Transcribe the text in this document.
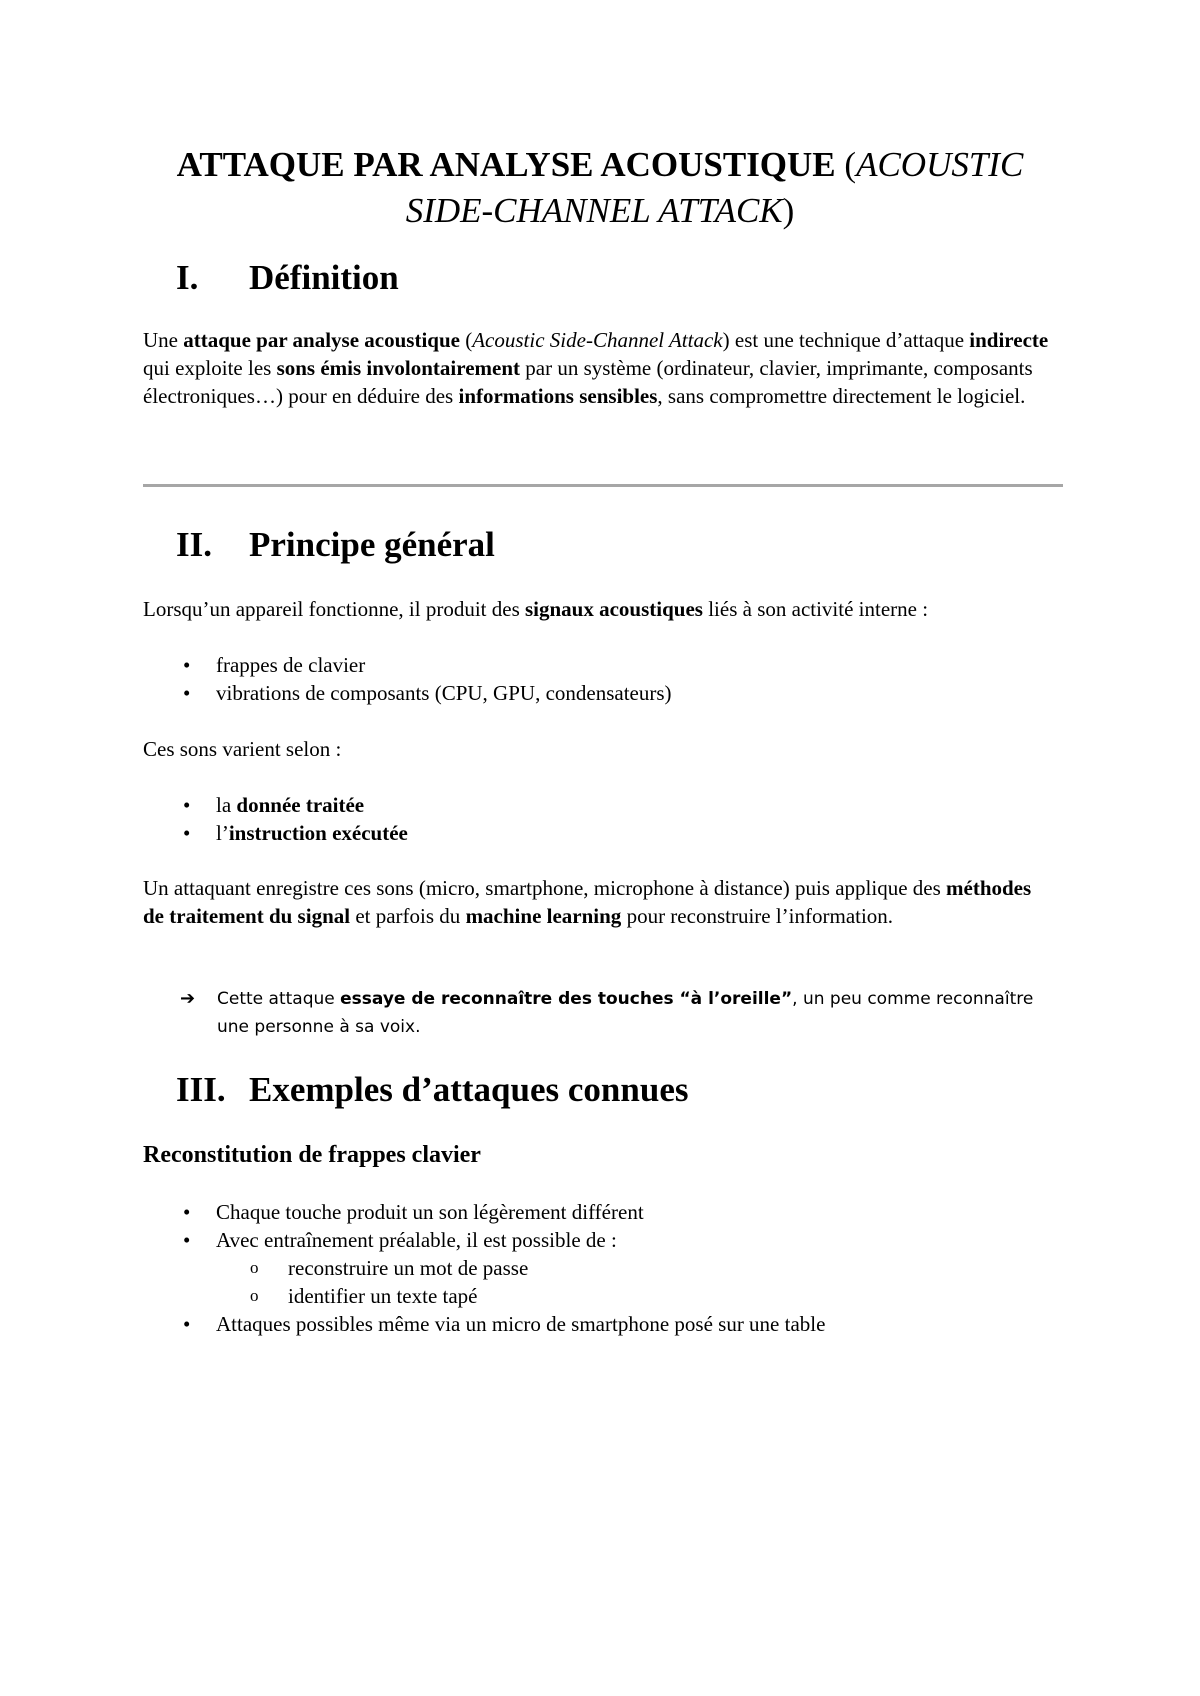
ATTAQUE PAR ANALYSE ACOUSTIQUE (ACOUSTIC
SIDE-CHANNEL ATTACK)
I. Définition

Une attaque par analyse acoustique (Acoustic Side-Channel Attack) est une technique d’attaque indirecte qui exploite les sons émis involontairement par un système (ordinateur, clavier, imprimante, composants électroniques…) pour en déduire des informations sensibles, sans compromettre directement le logiciel.

II. Principe général

Lorsqu’un appareil fonctionne, il produit des signaux acoustiques liés à son activité interne :

• frappes de clavier
• vibrations de composants (CPU, GPU, condensateurs)

Ces sons varient selon :

• la donnée traitée
• l’instruction exécutée

Un attaquant enregistre ces sons (micro, smartphone, microphone à distance) puis applique des méthodes de traitement du signal et parfois du machine learning pour reconstruire l’information.

➔ Cette attaque essaye de reconnaître des touches “à l’oreille”, un peu comme reconnaître
une personne à sa voix.
III. Exemples d’attaques connues
Reconstitution de frappes clavier
• Chaque touche produit un son légèrement différent
• Avec entraînement préalable, il est possible de :
o reconstruire un mot de passe
o identifier un texte tapé
• Attaques possibles même via un micro de smartphone posé sur une table
